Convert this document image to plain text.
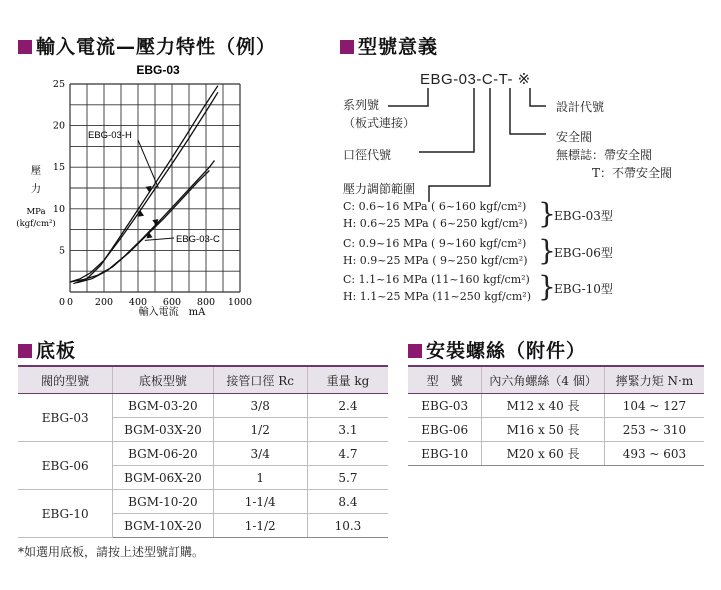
輸入電流—壓力特性（例）	型號意義
底板	安裝螺絲（附件）
EBG-03
0 200 400 600 800 1000
5
10
15
20
25
0
EBG-03-H
EBG-03-C
壓
力
MPa
(kgf/cm²)
輸入電流　mA
EBG-03-C-T- ※
系列號
（板式連接）
口徑代號
設計代號
安全閥
無標誌：帶安全閥
T：不帶安全閥
壓力調節範圍
C: 0.6~16 MPa ( 6~160 kgf/cm²)
H: 0.6~25 MPa ( 6~250 kgf/cm²) }
EBG-03型
C: 0.9~16 MPa ( 9~160 kgf/cm²)
H: 0.9~25 MPa ( 9~250 kgf/cm²) }
EBG-06型
C: 1.1~16 MPa (11~160 kgf/cm²)
H: 1.1~25 MPa (11~250 kgf/cm²) }
EBG-10型
閥的型號	底板型號	接管口徑 Rc	重量 kg
EBG-03	BGM-03-20	3/8	2.4
	BGM-03X-20	1/2	3.1
EBG-06	BGM-06-20	3/4	4.7
	BGM-06X-20	1	5.7
EBG-10	BGM-10-20	1-1/4	8.4
	BGM-10X-20	1-1/2	10.3
*如選用底板，請按上述型號訂購。
型　號	內六角螺絲（4 個）	擰緊力矩 N·m
EBG-03	M12 x 40 長	104 ~ 127
EBG-06	M16 x 50 長	253 ~ 310
EBG-10	M20 x 60 長	493 ~ 603
